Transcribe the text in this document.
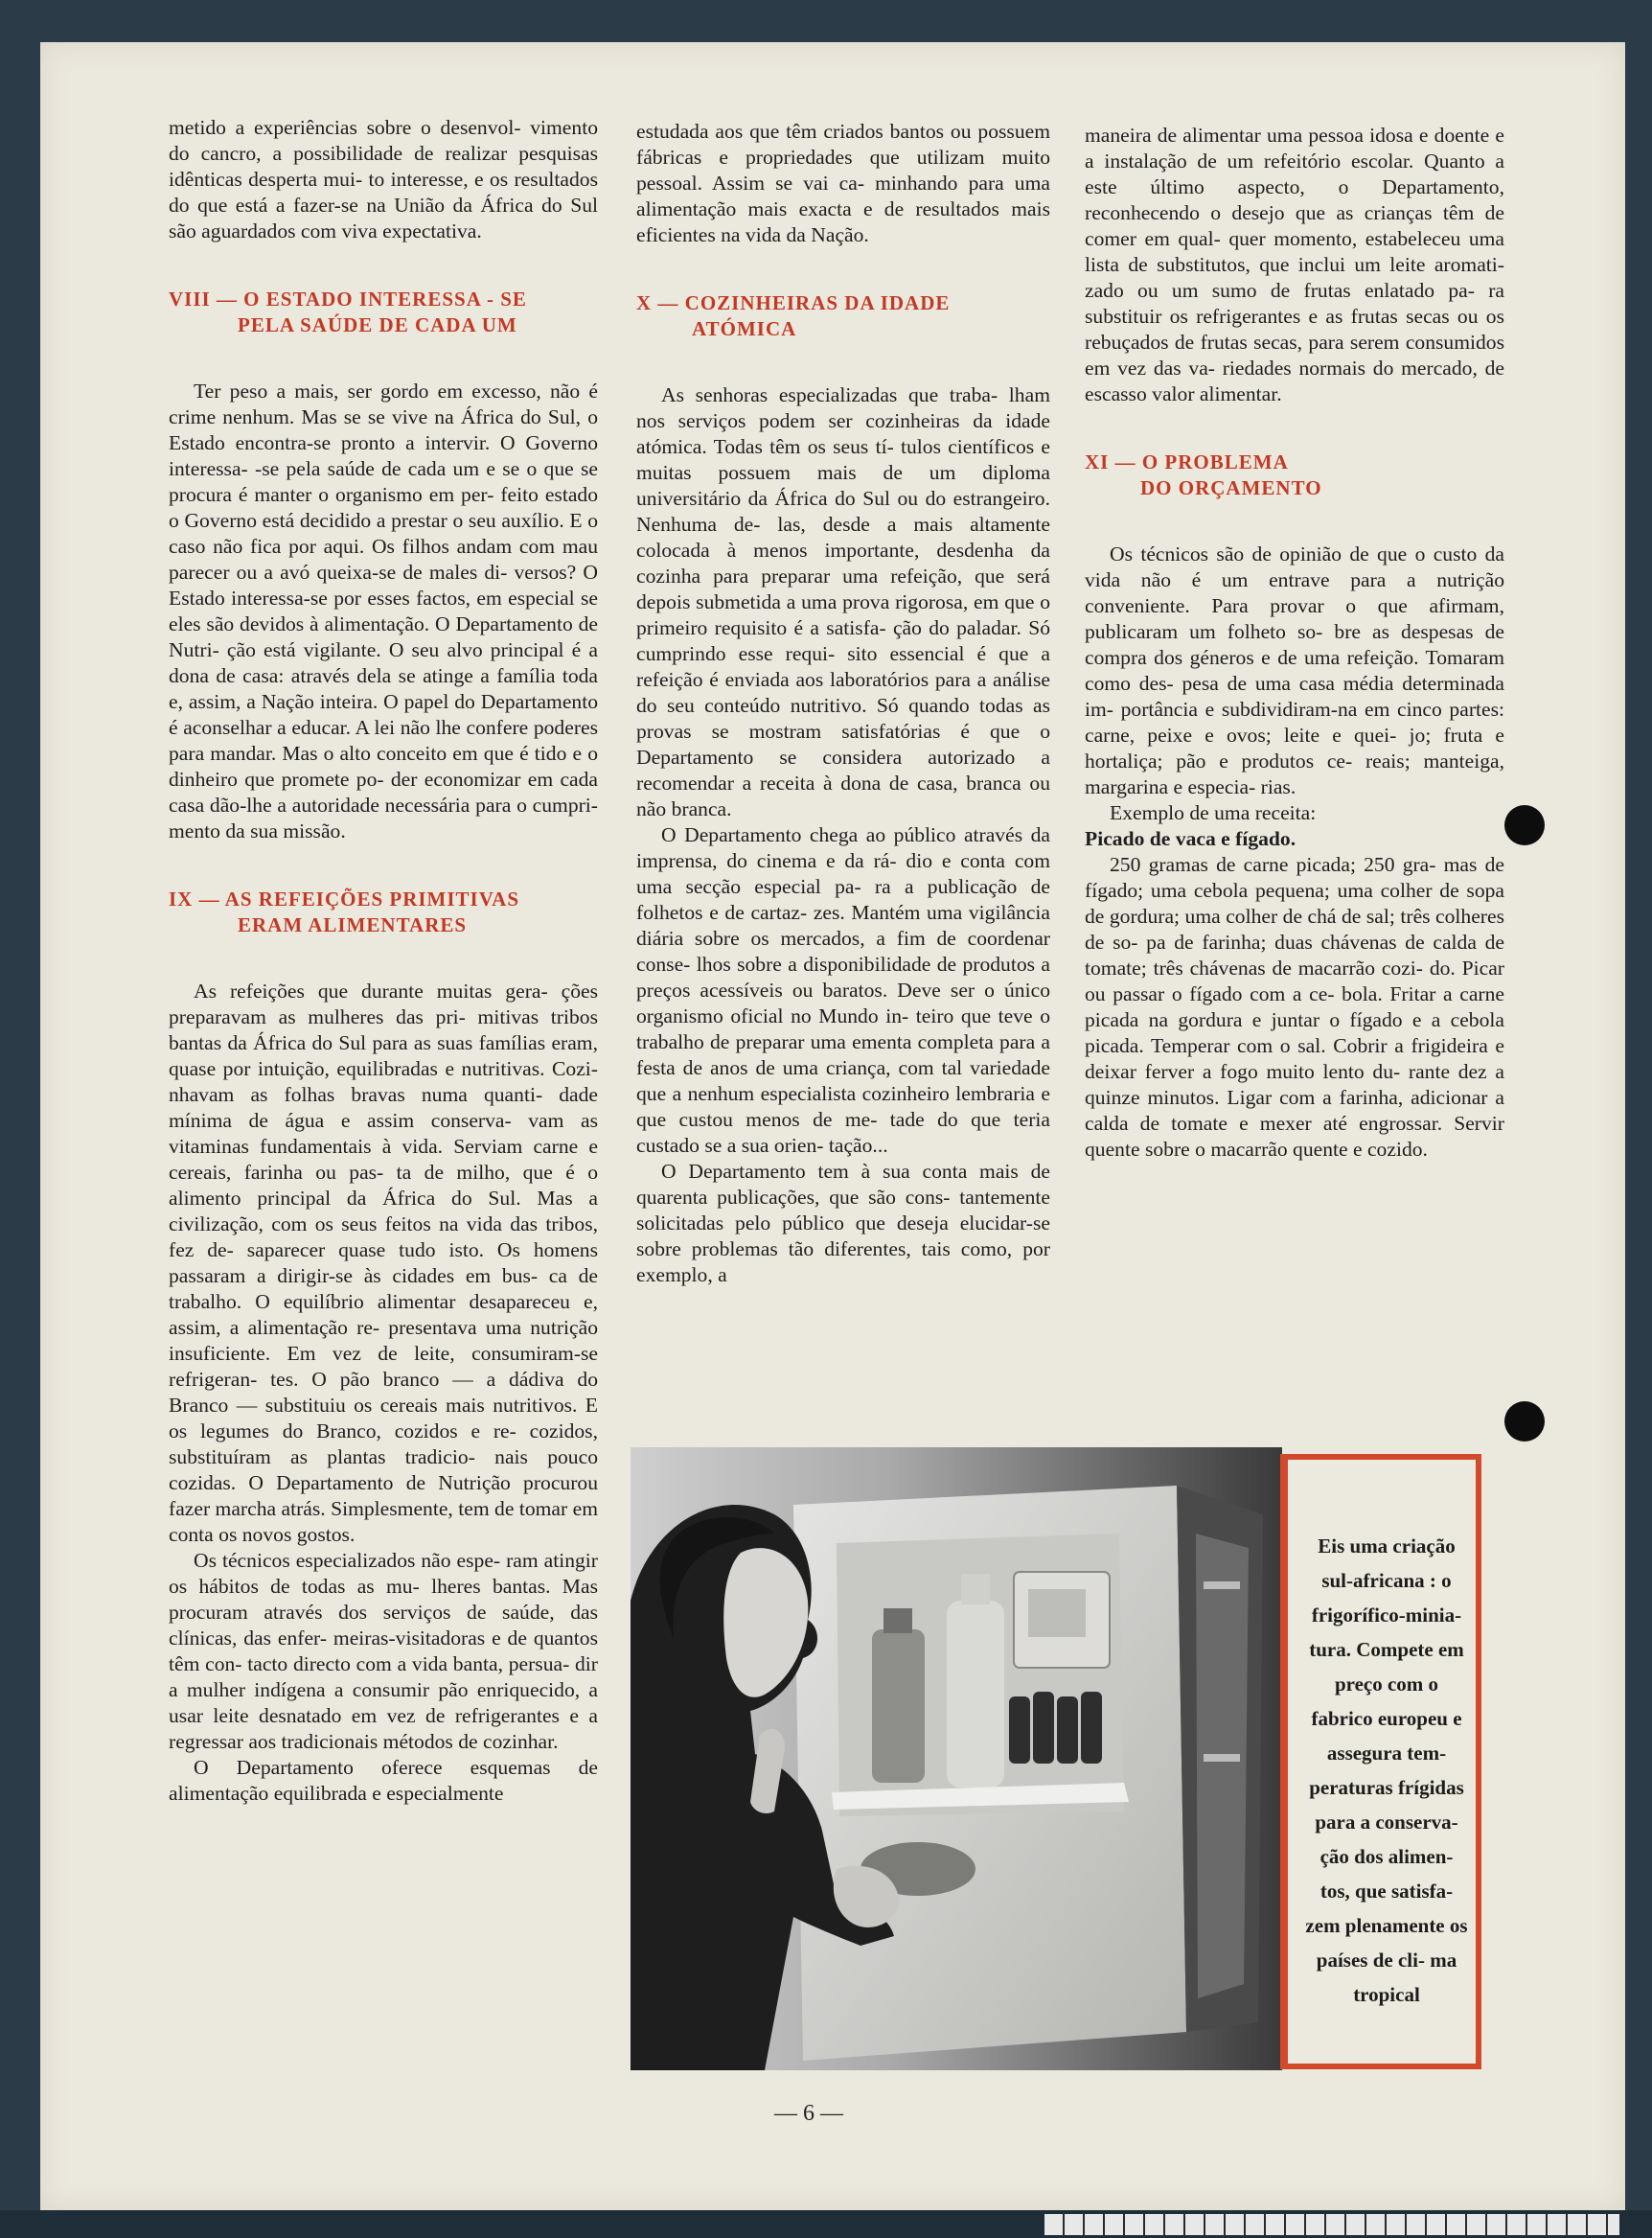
metido a experiências sobre o desenvol- vimento do cancro, a possibilidade de realizar pesquisas idênticas desperta mui- to interesse, e os resultados do que está a fazer-se na União da África do Sul são aguardados com viva expectativa.

VIII — O ESTADO INTERESSA - SE
PELA SAÚDE DE CADA UM

Ter peso a mais, ser gordo em excesso, não é crime nenhum. Mas se se vive na África do Sul, o Estado encontra-se pronto a intervir. O Governo interessa- -se pela saúde de cada um e se o que se procura é manter o organismo em per- feito estado o Governo está decidido a prestar o seu auxílio. E o caso não fica por aqui. Os filhos andam com mau parecer ou a avó queixa-se de males di- versos? O Estado interessa-se por esses factos, em especial se eles são devidos à alimentação. O Departamento de Nutri- ção está vigilante. O seu alvo principal é a dona de casa: através dela se atinge a família toda e, assim, a Nação inteira. O papel do Departamento é aconselhar a educar. A lei não lhe confere poderes para mandar. Mas o alto conceito em que é tido e o dinheiro que promete po- der economizar em cada casa dão-lhe a autoridade necessária para o cumpri- mento da sua missão.

IX — AS REFEIÇÕES PRIMITIVAS
ERAM ALIMENTARES

As refeições que durante muitas gera- ções preparavam as mulheres das pri- mitivas tribos bantas da África do Sul para as suas famílias eram, quase por intuição, equilibradas e nutritivas. Cozi- nhavam as folhas bravas numa quanti- dade mínima de água e assim conserva- vam as vitaminas fundamentais à vida. Serviam carne e cereais, farinha ou pas- ta de milho, que é o alimento principal da África do Sul. Mas a civilização, com os seus feitos na vida das tribos, fez de- saparecer quase tudo isto. Os homens passaram a dirigir-se às cidades em bus- ca de trabalho. O equilíbrio alimentar desapareceu e, assim, a alimentação re- presentava uma nutrição insuficiente. Em vez de leite, consumiram-se refrigeran- tes. O pão branco — a dádiva do Branco — substituiu os cereais mais nutritivos. E os legumes do Branco, cozidos e re- cozidos, substituíram as plantas tradicio- nais pouco cozidas. O Departamento de Nutrição procurou fazer marcha atrás. Simplesmente, tem de tomar em conta os novos gostos.

Os técnicos especializados não espe- ram atingir os hábitos de todas as mu- lheres bantas. Mas procuram através dos serviços de saúde, das clínicas, das enfer- meiras-visitadoras e de quantos têm con- tacto directo com a vida banta, persua- dir a mulher indígena a consumir pão enriquecido, a usar leite desnatado em vez de refrigerantes e a regressar aos tradicionais métodos de cozinhar.

O Departamento oferece esquemas de alimentação equilibrada e especialmente

estudada aos que têm criados bantos ou possuem fábricas e propriedades que utilizam muito pessoal. Assim se vai ca- minhando para uma alimentação mais exacta e de resultados mais eficientes na vida da Nação.

X — COZINHEIRAS DA IDADE
ATÓMICA

As senhoras especializadas que traba- lham nos serviços podem ser cozinheiras da idade atómica. Todas têm os seus tí- tulos científicos e muitas possuem mais de um diploma universitário da África do Sul ou do estrangeiro. Nenhuma de- las, desde a mais altamente colocada à menos importante, desdenha da cozinha para preparar uma refeição, que será depois submetida a uma prova rigorosa, em que o primeiro requisito é a satisfa- ção do paladar. Só cumprindo esse requi- sito essencial é que a refeição é enviada aos laboratórios para a análise do seu conteúdo nutritivo. Só quando todas as provas se mostram satisfatórias é que o Departamento se considera autorizado a recomendar a receita à dona de casa, branca ou não branca.

O Departamento chega ao público através da imprensa, do cinema e da rá- dio e conta com uma secção especial pa- ra a publicação de folhetos e de cartaz- zes. Mantém uma vigilância diária sobre os mercados, a fim de coordenar conse- lhos sobre a disponibilidade de produtos a preços acessíveis ou baratos. Deve ser o único organismo oficial no Mundo in- teiro que teve o trabalho de preparar uma ementa completa para a festa de anos de uma criança, com tal variedade que a nenhum especialista cozinheiro lembraria e que custou menos de me- tade do que teria custado se a sua orien- tação...

O Departamento tem à sua conta mais de quarenta publicações, que são cons- tantemente solicitadas pelo público que deseja elucidar-se sobre problemas tão diferentes, tais como, por exemplo, a

maneira de alimentar uma pessoa idosa e doente e a instalação de um refeitório escolar. Quanto a este último aspecto, o Departamento, reconhecendo o desejo que as crianças têm de comer em qual- quer momento, estabeleceu uma lista de substitutos, que inclui um leite aromati- zado ou um sumo de frutas enlatado pa- ra substituir os refrigerantes e as frutas secas ou os rebuçados de frutas secas, para serem consumidos em vez das va- riedades normais do mercado, de escasso valor alimentar.

XI — O PROBLEMA
DO ORÇAMENTO

Os técnicos são de opinião de que o custo da vida não é um entrave para a nutrição conveniente. Para provar o que afirmam, publicaram um folheto so- bre as despesas de compra dos géneros e de uma refeição. Tomaram como des- pesa de uma casa média determinada im- portância e subdividiram-na em cinco partes: carne, peixe e ovos; leite e quei- jo; fruta e hortaliça; pão e produtos ce- reais; manteiga, margarina e especia- rias.

Exemplo de uma receita:

Picado de vaca e fígado.

250 gramas de carne picada; 250 gra- mas de fígado; uma cebola pequena; uma colher de sopa de gordura; uma colher de chá de sal; três colheres de so- pa de farinha; duas chávenas de calda de tomate; três chávenas de macarrão cozi- do. Picar ou passar o fígado com a ce- bola. Fritar a carne picada na gordura e juntar o fígado e a cebola picada. Temperar com o sal. Cobrir a frigideira e deixar ferver a fogo muito lento du- rante dez a quinze minutos. Ligar com a farinha, adicionar a calda de tomate e mexer até engrossar. Servir quente sobre o macarrão quente e cozido.

Eis uma criação sul-africana : o frigorífico-minia- tura. Compete em preço com o fabrico europeu e assegura tem- peraturas frígidas para a conserva- ção dos alimen- tos, que satisfa- zem plenamente os países de cli- ma tropical
— 6 —
